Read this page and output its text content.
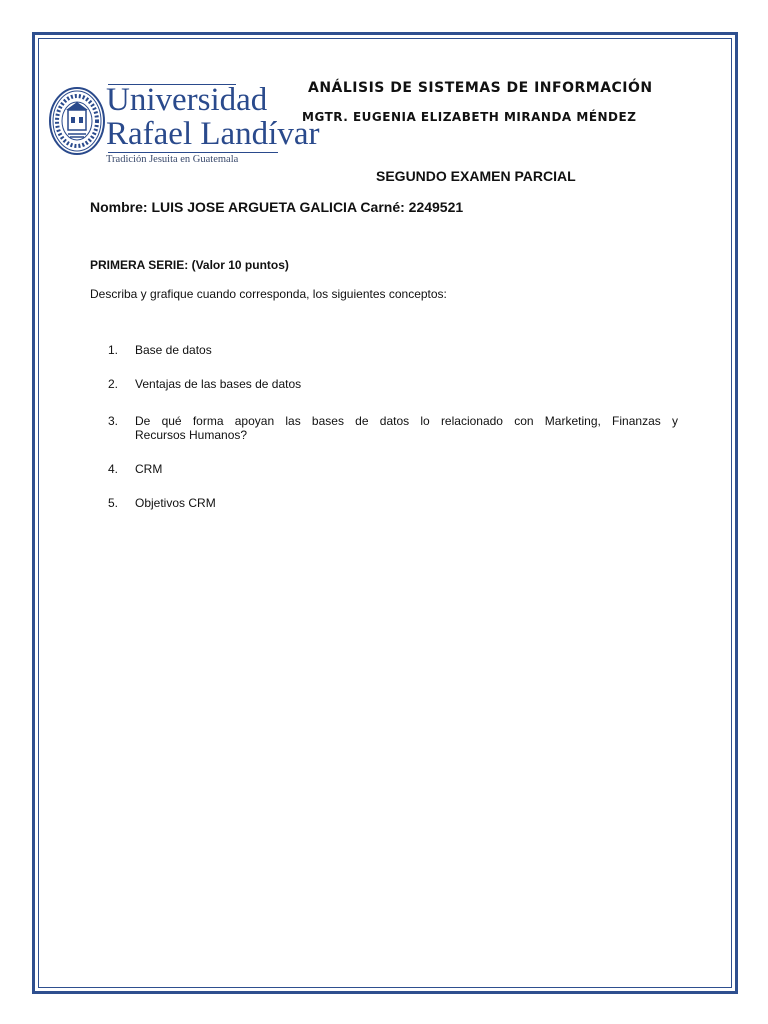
Universidad
Rafael Landívar
Tradición Jesuita en Guatemala
ANÁLISIS DE SISTEMAS DE INFORMACIÓN
MGTR. EUGENIA ELIZABETH MIRANDA MÉNDEZ
SEGUNDO EXAMEN PARCIAL
Nombre: LUIS JOSE ARGUETA GALICIA Carné: 2249521
PRIMERA SERIE: (Valor 10 puntos)
Describa y grafique cuando corresponda, los siguientes conceptos:
1.	Base de datos
2.	Ventajas de las bases de datos
3.	De qué forma apoyan las bases de datos lo relacionado con Marketing, Finanzas y
Recursos Humanos?
4.	CRM
5.	Objetivos CRM
